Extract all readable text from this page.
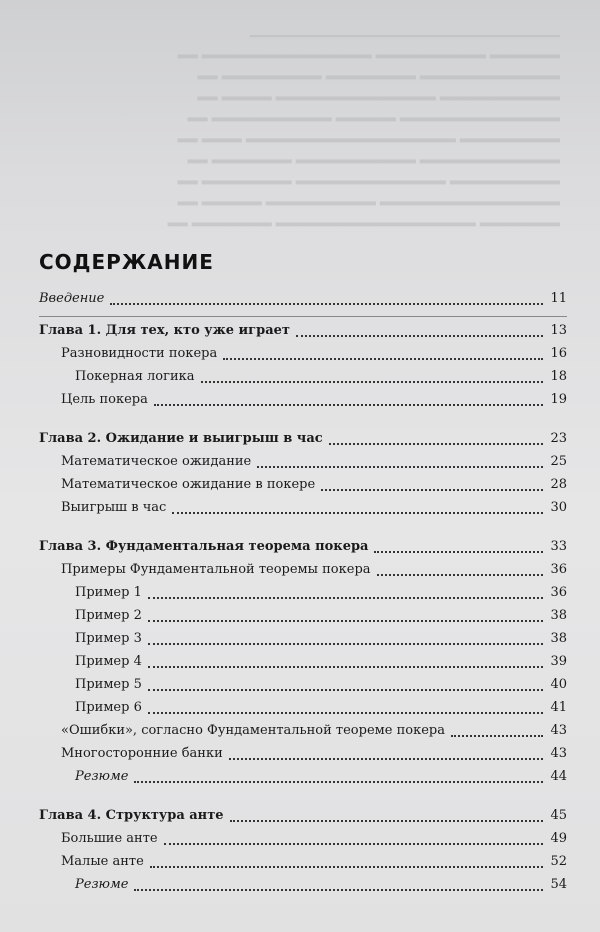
▁▁▁▁▁▁▁▁▁▁▁▁▁▁▁▁▁▁▁▁▁▁▁▁▁▁▁▁▁▁▁
▂▂▂▂▂▂▂ ▂▂▂▂▂▂▂▂▂▂▂ ▂▂▂▂▂▂▂▂▂▂▂▂▂▂▂▂▂ ▂▂
▂▂▂▂▂▂▂▂▂▂▂▂▂▂ ▂▂▂▂▂▂▂▂▂ ▂▂▂▂▂▂▂▂▂▂ ▂▂
▂▂▂▂▂▂▂▂▂▂▂▂ ▂▂▂▂▂▂▂▂▂▂▂▂▂▂▂▂ ▂▂▂▂▂ ▂▂
▂▂▂▂▂▂▂▂▂▂▂▂▂▂▂▂ ▂▂▂▂▂▂ ▂▂▂▂▂▂▂▂▂▂▂▂ ▂▂
▂▂▂▂▂▂▂▂▂▂ ▂▂▂▂▂▂▂▂▂▂▂▂▂▂▂▂▂▂▂▂▂ ▂▂▂▂ ▂▂
▂▂▂▂▂▂▂▂▂▂▂▂▂▂ ▂▂▂▂▂▂▂▂▂▂▂▂ ▂▂▂▂▂▂▂▂ ▂▂
▂▂▂▂▂▂▂▂▂▂▂ ▂▂▂▂▂▂▂▂▂▂▂▂▂▂▂ ▂▂▂▂▂▂▂▂▂ ▂▂
▂▂▂▂▂▂▂▂▂▂▂▂▂▂▂▂▂▂ ▂▂▂▂▂▂▂▂▂▂▂ ▂▂▂▂▂▂ ▂▂
▂▂▂▂▂▂▂▂ ▂▂▂▂▂▂▂▂▂▂▂▂▂▂▂▂▂▂▂▂ ▂▂▂▂▂▂▂▂ ▂▂
СОДЕРЖАНИЕ
Введение	11
Глава 1. Для тех, кто уже играет	13
Разновидности покера	16
Покерная логика	18
Цель покера	19
Глава 2. Ожидание и выигрыш в час	23
Математическое ожидание	25
Математическое ожидание в покере	28
Выигрыш в час	30
Глава 3. Фундаментальная теорема покера	33
Примеры Фундаментальной теоремы покера	36
Пример 1	36
Пример 2	38
Пример 3	38
Пример 4	39
Пример 5	40
Пример 6	41
«Ошибки», согласно Фундаментальной теореме покера	43
Многосторонние банки	43
Резюме	44
Глава 4. Структура анте	45
Большие анте	49
Малые анте	52
Резюме	54
